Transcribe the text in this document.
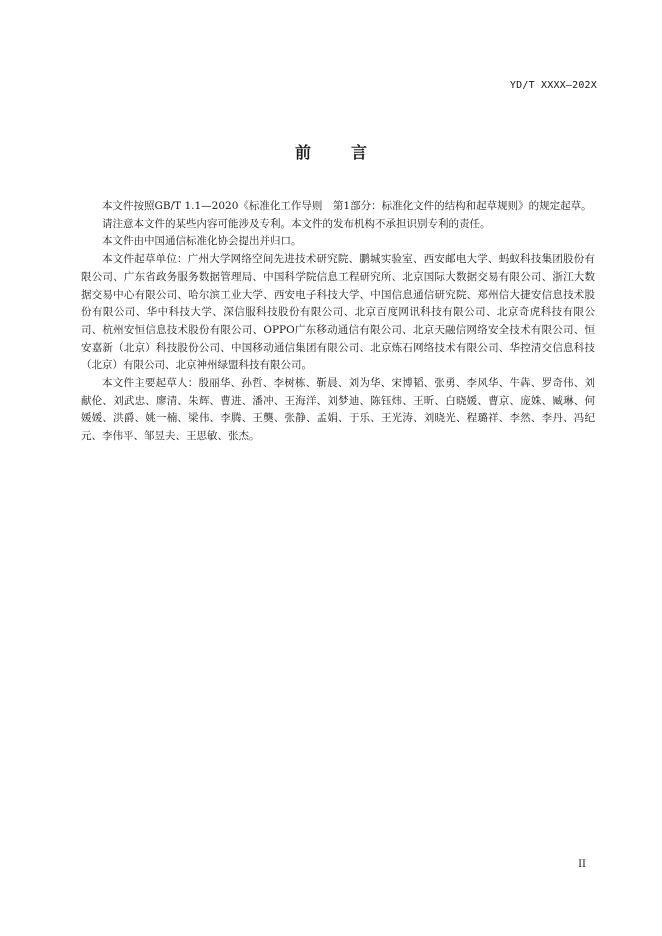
YD/T XXXX—202X
前言

本文件按照GB/T 1.1—2020《标准化工作导则　第1部分：标准化文件的结构和起草规则》的规定起草。

请注意本文件的某些内容可能涉及专利。本文件的发布机构不承担识别专利的责任。

本文件由中国通信标准化协会提出并归口。

本文件起草单位：广州大学网络空间先进技术研究院、鹏城实验室、西安邮电大学、蚂蚁科技集团股份有限公司、广东省政务服务数据管理局、中国科学院信息工程研究所、北京国际大数据交易有限公司、浙江大数据交易中心有限公司、哈尔滨工业大学、西安电子科技大学、中国信息通信研究院、郑州信大捷安信息技术股份有限公司、华中科技大学、深信服科技股份有限公司、北京百度网讯科技有限公司、北京奇虎科技有限公司、杭州安恒信息技术股份有限公司、OPPO广东移动通信有限公司、北京天融信网络安全技术有限公司、恒安嘉新（北京）科技股份公司、中国移动通信集团有限公司、北京炼石网络技术有限公司、华控清交信息科技（北京）有限公司、北京神州绿盟科技有限公司。

本文件主要起草人：殷丽华、孙哲、李树栋、靳晨、刘为华、宋博韬、张勇、李风华、牛犇、罗奇伟、刘献伦、刘武忠、廖清、朱辉、曹进、潘冲、王海洋、刘梦迪、陈钰炜、王昕、白晓媛、曹京、庞姝、臧琳、何媛媛、洪爵、姚一楠、梁伟、李腾、王龑、张静、孟娟、于乐、王光涛、刘晓光、程璐祥、李然、李丹、冯纪元、李伟平、邹昱夫、王思敏、张杰。

II
